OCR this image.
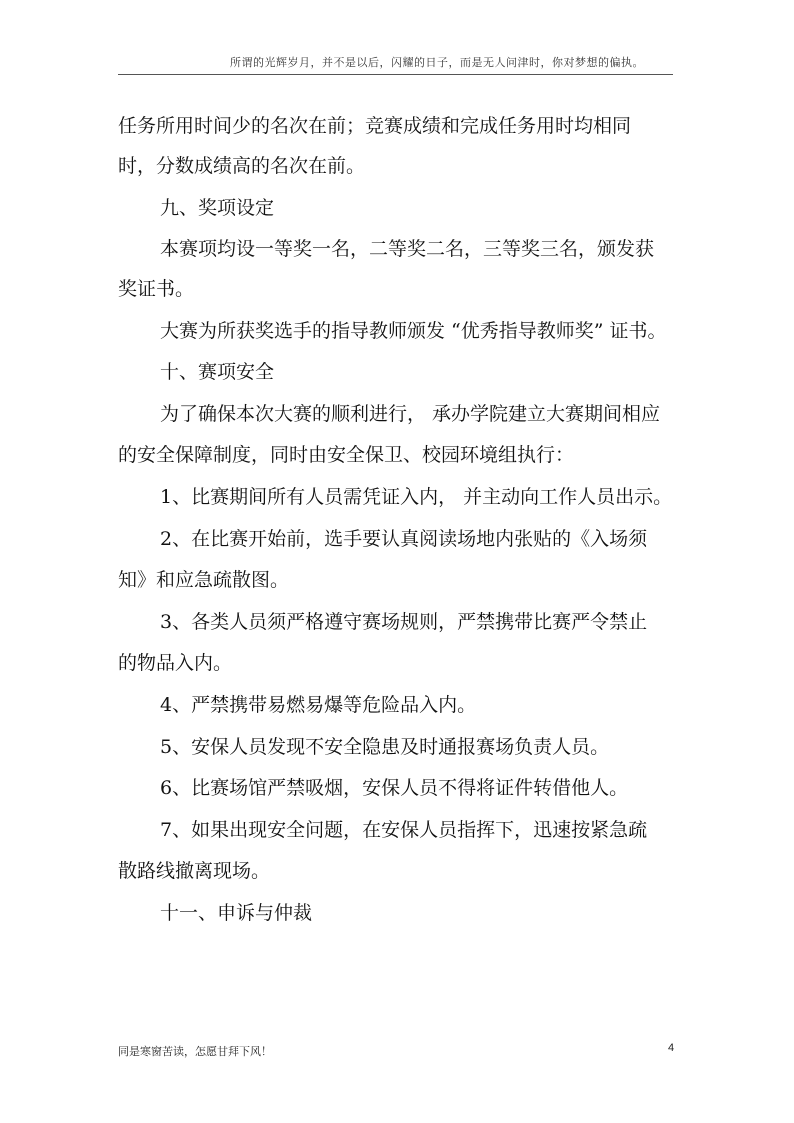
所谓的光辉岁月，并不是以后，闪耀的日子，而是无人问津时，你对梦想的偏执。
任务所用时间少的名次在前；竞赛成绩和完成任务用时均相同
时，分数成绩高的名次在前。
九、奖项设定
本赛项均设一等奖一名，二等奖二名，三等奖三名，颁发获
奖证书。
大赛为所获奖选手的指导教师颁发 “优秀指导教师奖” 证书。
十、赛项安全
为了确保本次大赛的顺利进行， 承办学院建立大赛期间相应
的安全保障制度，同时由安全保卫、校园环境组执行：
1、比赛期间所有人员需凭证入内， 并主动向工作人员出示。
2、在比赛开始前，选手要认真阅读场地内张贴的《入场须
知》和应急疏散图。
3、各类人员须严格遵守赛场规则，严禁携带比赛严令禁止
的物品入内。
4、严禁携带易燃易爆等危险品入内。
5、安保人员发现不安全隐患及时通报赛场负责人员。
6、比赛场馆严禁吸烟，安保人员不得将证件转借他人。
7、如果出现安全问题，在安保人员指挥下，迅速按紧急疏
散路线撤离现场。
十一、申诉与仲裁
同是寒窗苦读，怎愿甘拜下风！	4
